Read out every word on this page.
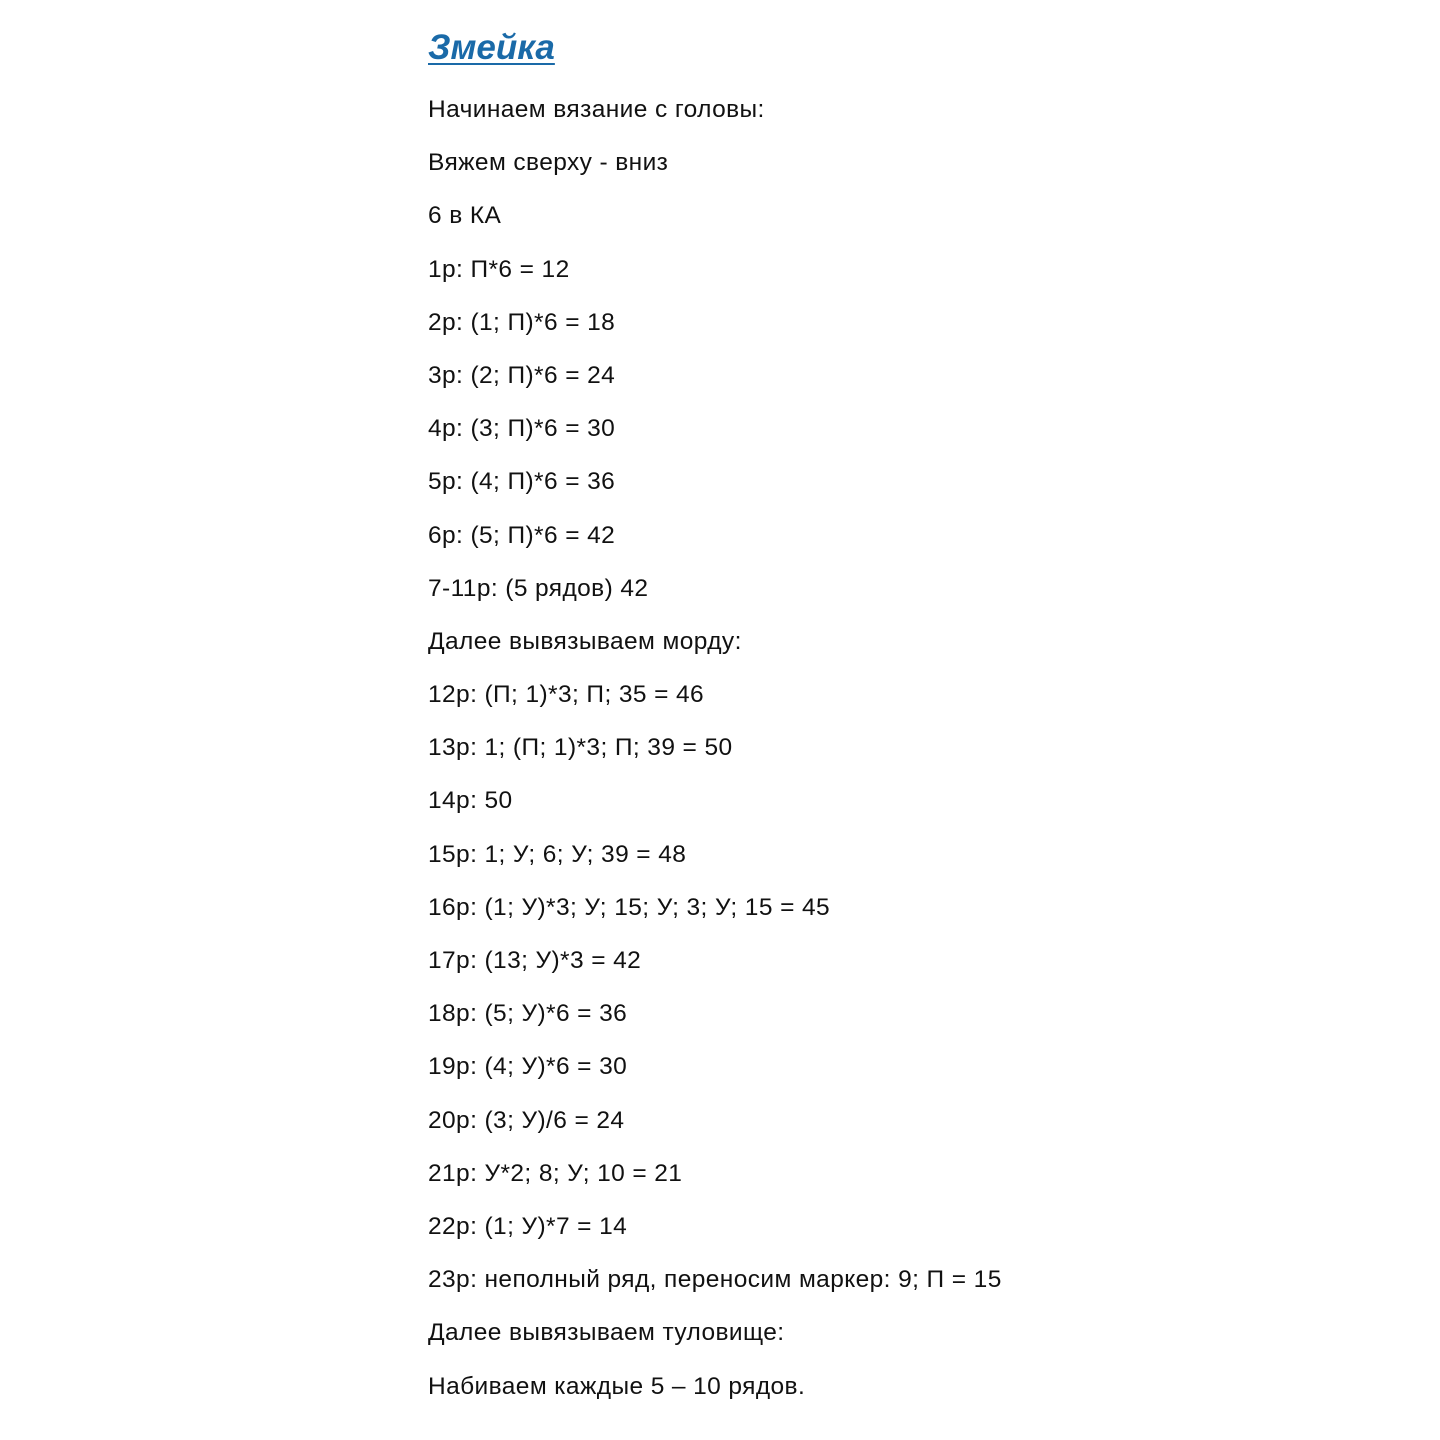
Змейка
Начинаем вязание с головы:
Вяжем сверху - вниз
6 в КА
1р: П*6 = 12
2р: (1; П)*6 = 18
3р: (2; П)*6 = 24
4р: (3; П)*6 = 30
5р: (4; П)*6 = 36
6р: (5; П)*6 = 42
7-11р: (5 рядов) 42
Далее вывязываем морду:
12р: (П; 1)*3; П; 35 = 46
13р: 1; (П; 1)*3; П; 39 = 50
14р: 50
15р: 1; У; 6; У; 39 = 48
16р: (1; У)*3; У; 15; У; 3; У; 15 = 45
17р: (13; У)*3 = 42
18р: (5; У)*6 = 36
19р: (4; У)*6 = 30
20р: (3; У)/6 = 24
21р: У*2; 8; У; 10 = 21
22р: (1; У)*7 = 14
23р: неполный ряд, переносим маркер: 9; П = 15
Далее вывязываем туловище:
Набиваем каждые 5 – 10 рядов.
